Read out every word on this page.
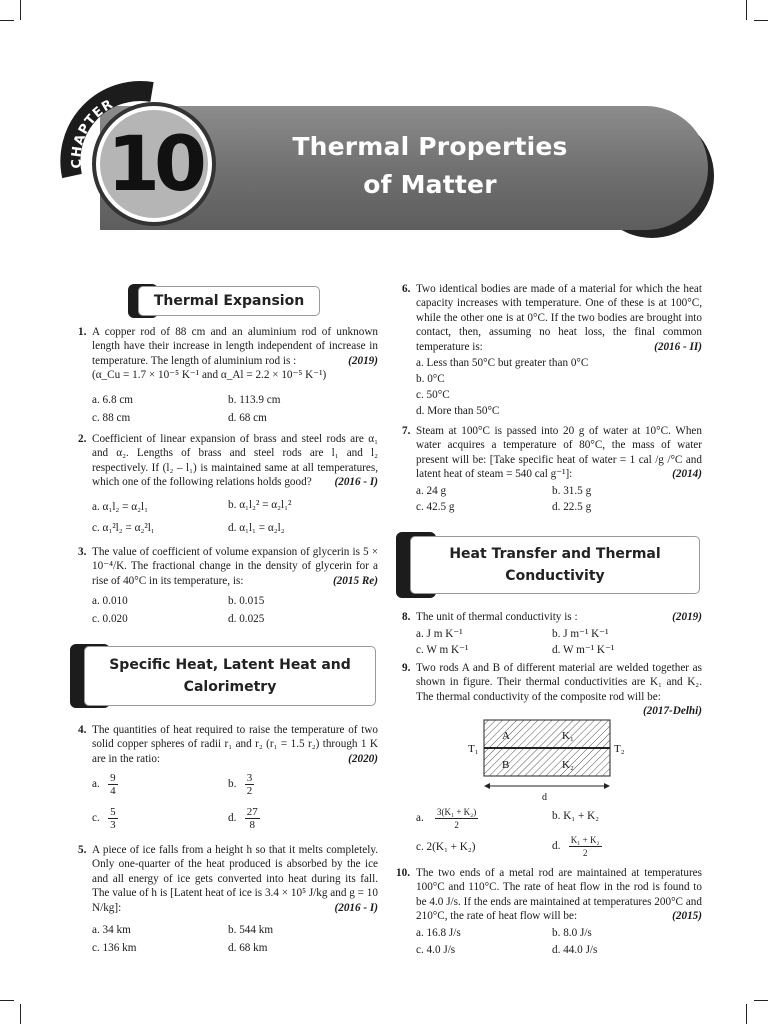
Thermal Properties
of Matter
10
CHAPTER
Thermal Expansion
1. A copper rod of 88 cm and an aluminium rod of unknown length have their increase in length independent of increase in temperature. The length of aluminium rod is :	(2019)
(α_Cu = 1.7 × 10⁻⁵ K⁻¹ and α_Al = 2.2 × 10⁻⁵ K⁻¹)
a. 6.8 cm	b. 113.9 cm
c. 88 cm	d. 68 cm
2. Coefficient of linear expansion of brass and steel rods are α₁ and α₂. Lengths of brass and steel rods are l₁ and l₂ respectively. If (l₂ – l₁) is maintained same at all temperatures, which one of the following relations holds good? (2016 - I)
a. α₁l₂ = α₂l₁	b. α₁l₂² = α₂l₁²
c. α₁²l₂ = α₂²l₁	d. α₁l₁ = α₂l₂
3. The value of coefficient of volume expansion of glycerin is 5 × 10⁻⁴/K. The fractional change in the density of glycerin for a rise of 40°C in its temperature, is:	(2015 Re)
a. 0.010	b. 0.015
c. 0.020	d. 0.025
Specific Heat, Latent Heat and
Calorimetry
4. The quantities of heat required to raise the temperature of two solid copper spheres of radii r₁ and r₂ (r₁ = 1.5 r₂) through 1 K are in the ratio:	(2020)
a. $\frac{9}{4}$	b. $\frac{3}{2}$
c. $\frac{5}{3}$	d. $\frac{27}{8}$
5. A piece of ice falls from a height h so that it melts completely. Only one-quarter of the heat produced is absorbed by the ice and all energy of ice gets converted into heat during its fall. The value of h is [Latent heat of ice is 3.4 × 10⁵ J/kg and g = 10 N/kg]:	(2016 - I)
a. 34 km	b. 544 km
c. 136 km	d. 68 km
6. Two identical bodies are made of a material for which the heat capacity increases with temperature. One of these is at 100°C, while the other one is at 0°C. If the two bodies are brought into contact, then, assuming no heat loss, the final common temperature is:	(2016 - II)
a. Less than 50°C but greater than 0°C
b. 0°C
c. 50°C
d. More than 50°C
7. Steam at 100°C is passed into 20 g of water at 10°C. When water acquires a temperature of 80°C, the mass of water present will be: [Take specific heat of water = 1 cal /g /°C and latent heat of steam = 540 cal g⁻¹]:	(2014)
a. 24 g	b. 31.5 g
c. 42.5 g	d. 22.5 g
Heat Transfer and Thermal
Conductivity
8. The unit of thermal conductivity is :	(2019)
a. J m K⁻¹	b. J m⁻¹ K⁻¹
c. W m K⁻¹	d. W m⁻¹ K⁻¹
9. Two rods A and B of different material are welded together as shown in figure. Their thermal conductivities are K₁ and K₂. The thermal conductivity of the composite rod will be:
(2017-Delhi)
A	K₁
B	K₂
T₁	T₂
d
a. $\frac{\text{3(K₁ + K₂)}}{2}$	b. K₁ + K₂
c. 2(K₁ + K₂)	d. $\frac{\text{K₁ + K₂}}{2}$
10. The two ends of a metal rod are maintained at temperatures 100°C and 110°C. The rate of heat flow in the rod is found to be 4.0 J/s. If the ends are maintained at temperatures 200°C and 210°C, the rate of heat flow will be:	(2015)
a. 16.8 J/s	b. 8.0 J/s
c. 4.0 J/s	d. 44.0 J/s
